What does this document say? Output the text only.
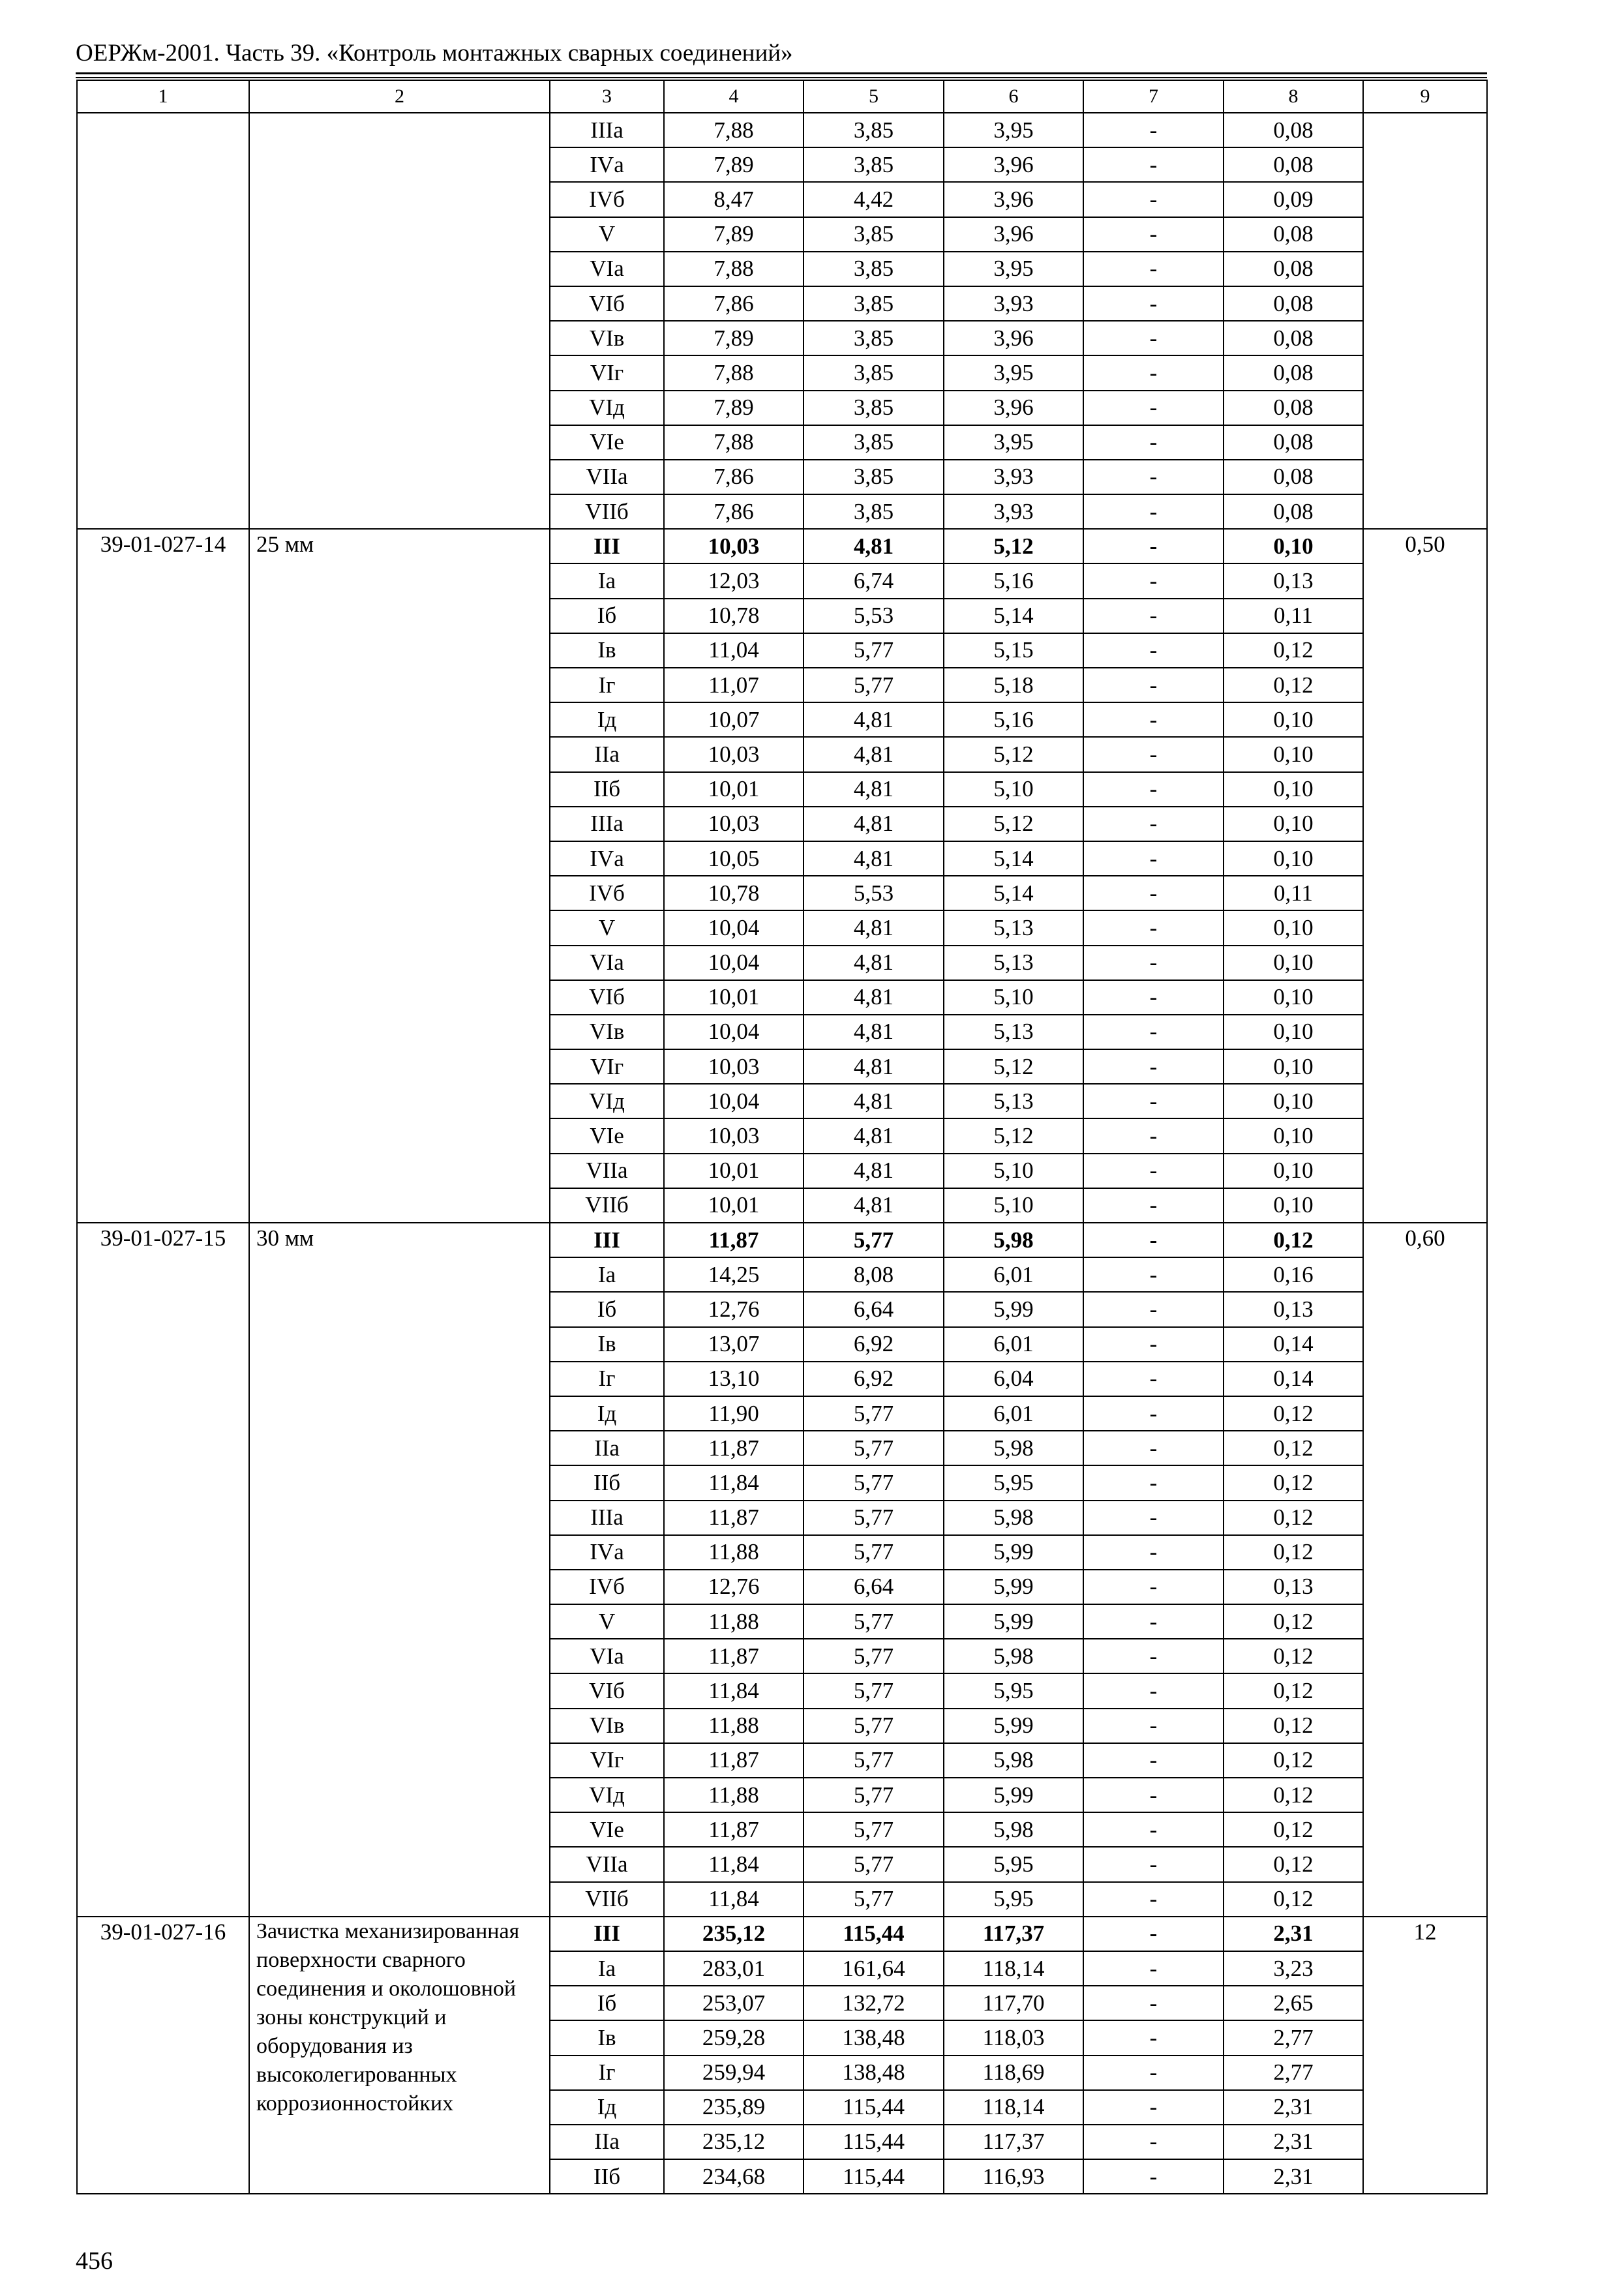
ОЕРЖм-2001. Часть 39. «Контроль монтажных сварных соединений»
1	2	3	4	5	6	7	8	9
		IIIа	7,88	3,85	3,95	-	0,08	
		IVа	7,89	3,85	3,96	-	0,08	
		IVб	8,47	4,42	3,96	-	0,09	
		V	7,89	3,85	3,96	-	0,08	
		VIа	7,88	3,85	3,95	-	0,08	
		VIб	7,86	3,85	3,93	-	0,08	
		VIв	7,89	3,85	3,96	-	0,08	
		VIг	7,88	3,85	3,95	-	0,08	
		VIд	7,89	3,85	3,96	-	0,08	
		VIе	7,88	3,85	3,95	-	0,08	
		VIIа	7,86	3,85	3,93	-	0,08	
		VIIб	7,86	3,85	3,93	-	0,08	
39-01-027-14	25 мм	III	10,03	4,81	5,12	-	0,10	0,50
		Iа	12,03	6,74	5,16	-	0,13	
		Iб	10,78	5,53	5,14	-	0,11	
		Iв	11,04	5,77	5,15	-	0,12	
		Iг	11,07	5,77	5,18	-	0,12	
		Iд	10,07	4,81	5,16	-	0,10	
		IIа	10,03	4,81	5,12	-	0,10	
		IIб	10,01	4,81	5,10	-	0,10	
		IIIа	10,03	4,81	5,12	-	0,10	
		IVа	10,05	4,81	5,14	-	0,10	
		IVб	10,78	5,53	5,14	-	0,11	
		V	10,04	4,81	5,13	-	0,10	
		VIа	10,04	4,81	5,13	-	0,10	
		VIб	10,01	4,81	5,10	-	0,10	
		VIв	10,04	4,81	5,13	-	0,10	
		VIг	10,03	4,81	5,12	-	0,10	
		VIд	10,04	4,81	5,13	-	0,10	
		VIе	10,03	4,81	5,12	-	0,10	
		VIIа	10,01	4,81	5,10	-	0,10	
		VIIб	10,01	4,81	5,10	-	0,10	
39-01-027-15	30 мм	III	11,87	5,77	5,98	-	0,12	0,60
		Iа	14,25	8,08	6,01	-	0,16	
		Iб	12,76	6,64	5,99	-	0,13	
		Iв	13,07	6,92	6,01	-	0,14	
		Iг	13,10	6,92	6,04	-	0,14	
		Iд	11,90	5,77	6,01	-	0,12	
		IIа	11,87	5,77	5,98	-	0,12	
		IIб	11,84	5,77	5,95	-	0,12	
		IIIа	11,87	5,77	5,98	-	0,12	
		IVа	11,88	5,77	5,99	-	0,12	
		IVб	12,76	6,64	5,99	-	0,13	
		V	11,88	5,77	5,99	-	0,12	
		VIа	11,87	5,77	5,98	-	0,12	
		VIб	11,84	5,77	5,95	-	0,12	
		VIв	11,88	5,77	5,99	-	0,12	
		VIг	11,87	5,77	5,98	-	0,12	
		VIд	11,88	5,77	5,99	-	0,12	
		VIе	11,87	5,77	5,98	-	0,12	
		VIIа	11,84	5,77	5,95	-	0,12	
		VIIб	11,84	5,77	5,95	-	0,12	
39-01-027-16	Зачистка механизированная поверхности сварного соединения и околошовной зоны конструкций и оборудования из высоколегированных коррозионностойких	III	235,12	115,44	117,37	-	2,31	12
		Iа	283,01	161,64	118,14	-	3,23	
		Iб	253,07	132,72	117,70	-	2,65	
		Iв	259,28	138,48	118,03	-	2,77	
		Iг	259,94	138,48	118,69	-	2,77	
		Iд	235,89	115,44	118,14	-	2,31	
		IIа	235,12	115,44	117,37	-	2,31	
		IIб	234,68	115,44	116,93	-	2,31	
456
